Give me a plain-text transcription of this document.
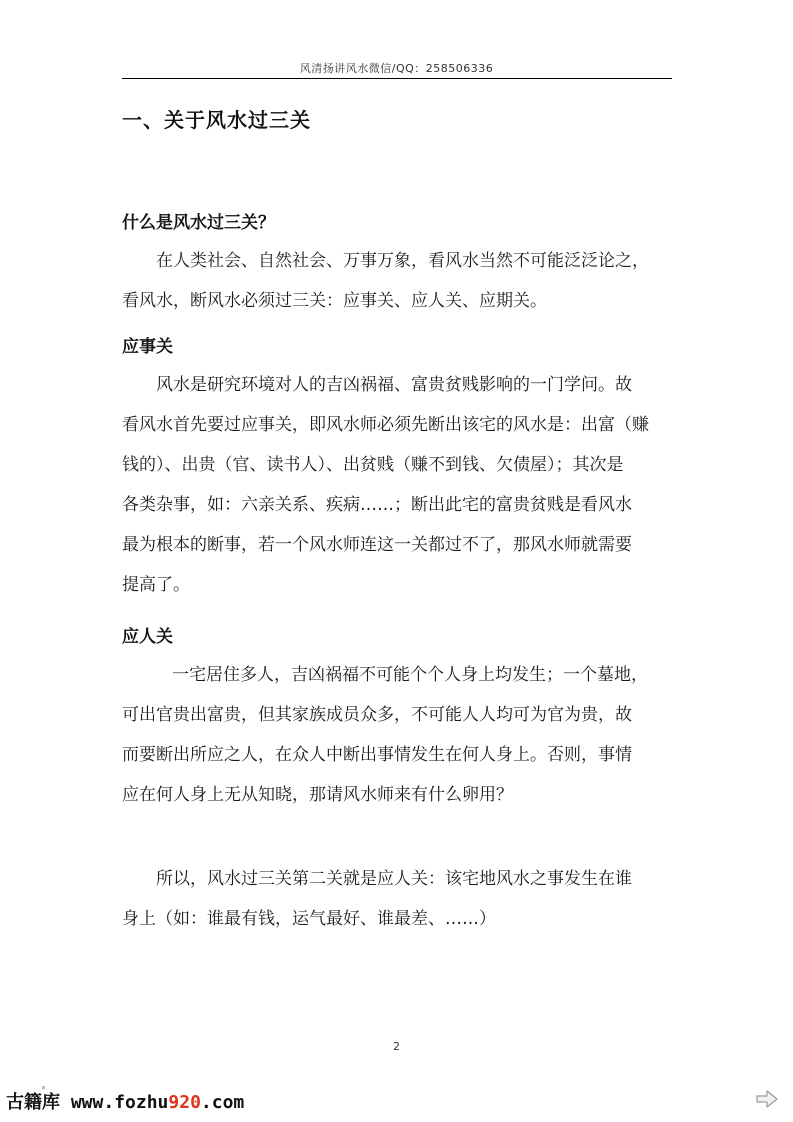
风清扬讲风水微信/QQ：258506336
一、关于风水过三关
什么是风水过三关？
在人类社会、自然社会、万事万象，看风水当然不可能泛泛论之，
看风水，断风水必须过三关：应事关、应人关、应期关。
应事关
风水是研究环境对人的吉凶祸福、富贵贫贱影响的一门学问。故
看风水首先要过应事关，即风水师必须先断出该宅的风水是：出富（赚
钱的）、出贵（官、读书人）、出贫贱（赚不到钱、欠债屋）；其次是
各类杂事，如：六亲关系、疾病……；断出此宅的富贵贫贱是看风水
最为根本的断事，若一个风水师连这一关都过不了，那风水师就需要
提高了。
应人关
一宅居住多人，吉凶祸福不可能个个人身上均发生；一个墓地，
可出官贵出富贵，但其家族成员众多，不可能人人均可为官为贵，故
而要断出所应之人，在众人中断出事情发生在何人身上。否则，事情
应在何人身上无从知晓，那请风水师来有什么卵用？
所以，风水过三关第二关就是应人关：该宅地风水之事发生在谁
身上（如：谁最有钱，运气最好、谁最差、……）
2
古籍库 www.fozhu920.com
